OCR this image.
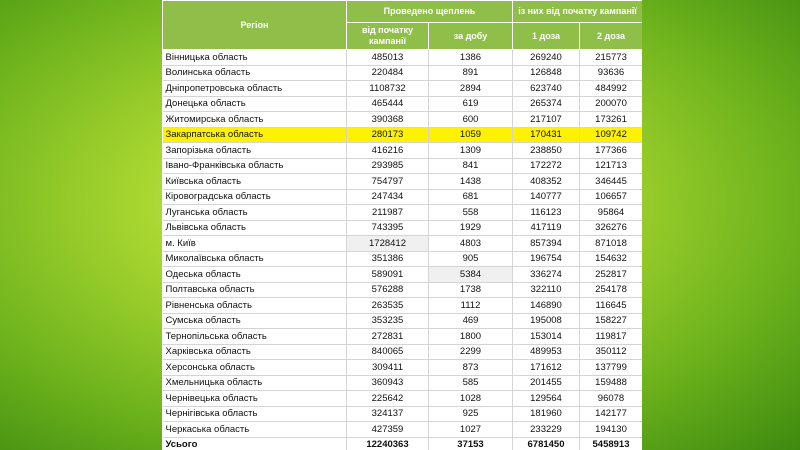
Регіон	Проведено щеплень		із них від початку кампанії	
	від початку кампанії	за добу	1 доза	2 доза
Вінницька область	485013	1386	269240	215773
Волинська область	220484	891	126848	93636
Дніпропетровська область	1108732	2894	623740	484992
Донецька область	465444	619	265374	200070
Житомирська область	390368	600	217107	173261
Закарпатська область	280173	1059	170431	109742
Запорізька область	416216	1309	238850	177366
Івано-Франківська область	293985	841	172272	121713
Київська область	754797	1438	408352	346445
Кіровоградська область	247434	681	140777	106657
Луганська область	211987	558	116123	95864
Львівська область	743395	1929	417119	326276
м. Київ	1728412	4803	857394	871018
Миколаївська область	351386	905	196754	154632
Одеська область	589091	5384	336274	252817
Полтавська область	576288	1738	322110	254178
Рівненська область	263535	1112	146890	116645
Сумська область	353235	469	195008	158227
Тернопільська область	272831	1800	153014	119817
Харківська область	840065	2299	489953	350112
Херсонська область	309411	873	171612	137799
Хмельницька область	360943	585	201455	159488
Чернівецька область	225642	1028	129564	96078
Чернігівська область	324137	925	181960	142177
Черкаська область	427359	1027	233229	194130
Усього	12240363	37153	6781450	5458913
